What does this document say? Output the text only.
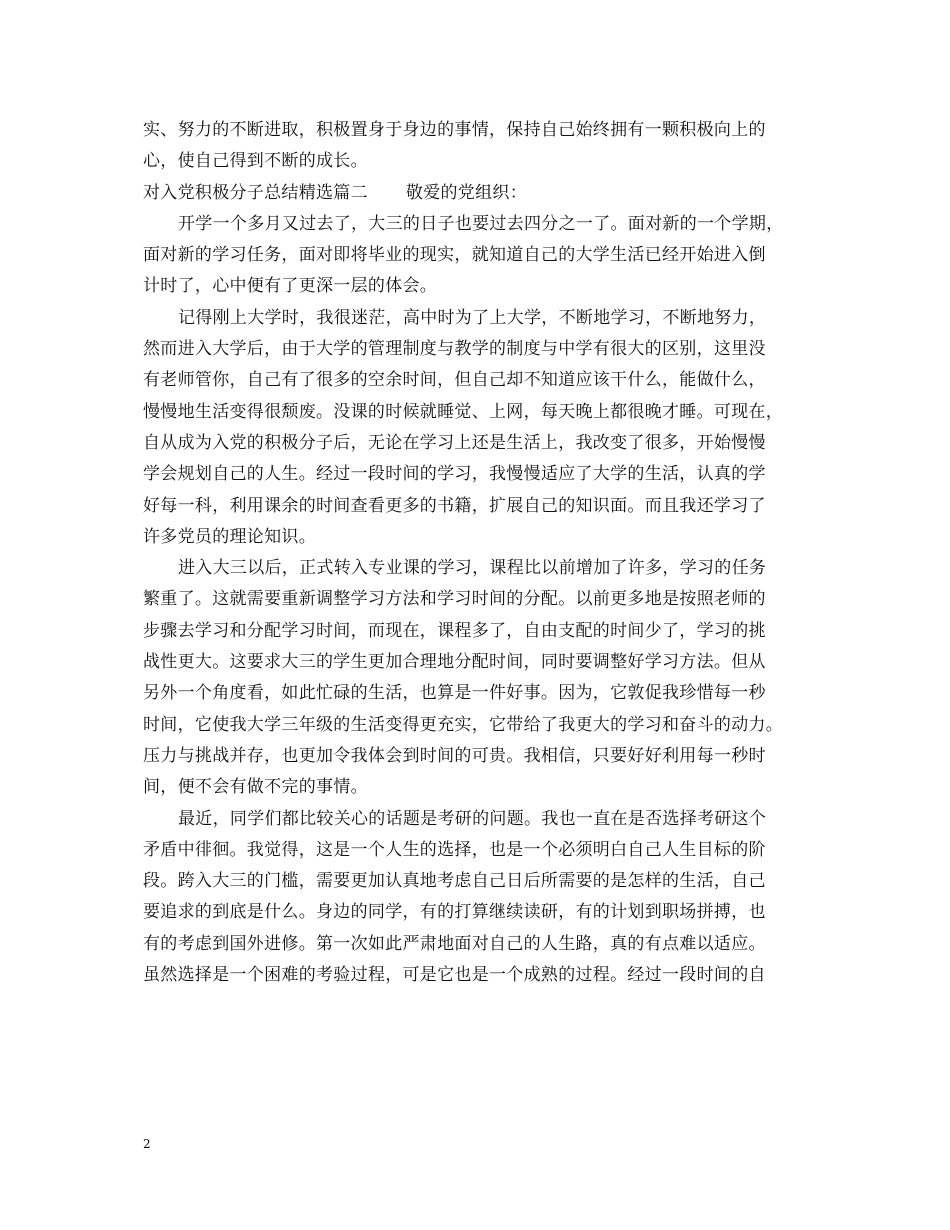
实、努力的不断进取，积极置身于身边的事情，保持自己始终拥有一颗积极向上的
心，使自己得到不断的成长。
对入党积极分子总结精选篇二 敬爱的党组织：
开学一个多月又过去了，大三的日子也要过去四分之一了。面对新的一个学期，
面对新的学习任务，面对即将毕业的现实，就知道自己的大学生活已经开始进入倒
计时了，心中便有了更深一层的体会。
记得刚上大学时，我很迷茫，高中时为了上大学，不断地学习，不断地努力，
然而进入大学后，由于大学的管理制度与教学的制度与中学有很大的区别，这里没
有老师管你，自己有了很多的空余时间，但自己却不知道应该干什么，能做什么，
慢慢地生活变得很颓废。没课的时候就睡觉、上网，每天晚上都很晚才睡。可现在，
自从成为入党的积极分子后，无论在学习上还是生活上，我改变了很多，开始慢慢
学会规划自己的人生。经过一段时间的学习，我慢慢适应了大学的生活，认真的学
好每一科，利用课余的时间查看更多的书籍，扩展自己的知识面。而且我还学习了
许多党员的理论知识。
进入大三以后，正式转入专业课的学习，课程比以前增加了许多，学习的任务
繁重了。这就需要重新调整学习方法和学习时间的分配。以前更多地是按照老师的
步骤去学习和分配学习时间，而现在，课程多了，自由支配的时间少了，学习的挑
战性更大。这要求大三的学生更加合理地分配时间，同时要调整好学习方法。但从
另外一个角度看，如此忙碌的生活，也算是一件好事。因为，它敦促我珍惜每一秒
时间，它使我大学三年级的生活变得更充实，它带给了我更大的学习和奋斗的动力。
压力与挑战并存，也更加令我体会到时间的可贵。我相信，只要好好利用每一秒时
间，便不会有做不完的事情。
最近，同学们都比较关心的话题是考研的问题。我也一直在是否选择考研这个
矛盾中徘徊。我觉得，这是一个人生的选择，也是一个必须明白自己人生目标的阶
段。跨入大三的门槛，需要更加认真地考虑自己日后所需要的是怎样的生活，自己
要追求的到底是什么。身边的同学，有的打算继续读研，有的计划到职场拼搏，也
有的考虑到国外进修。第一次如此严肃地面对自己的人生路，真的有点难以适应。
虽然选择是一个困难的考验过程，可是它也是一个成熟的过程。经过一段时间的自
2
